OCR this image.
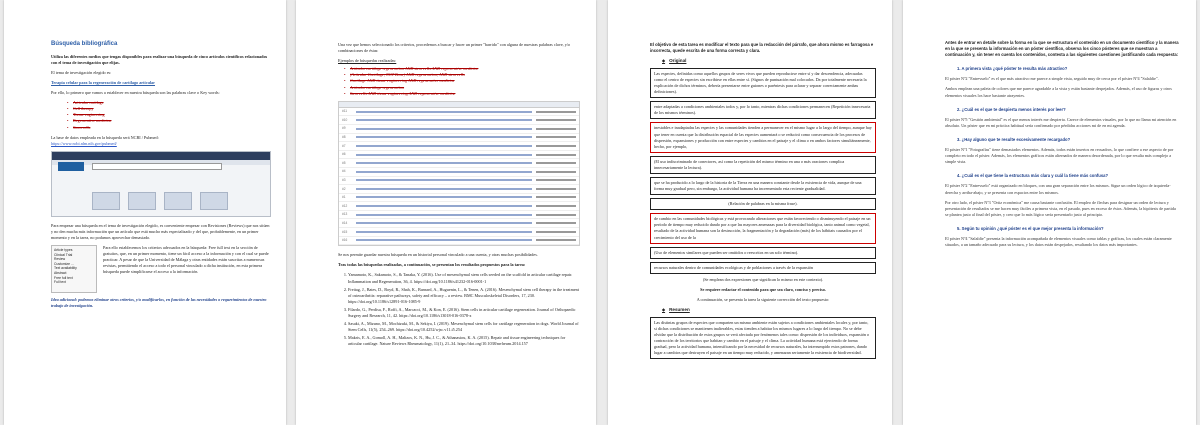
Búsqueda bibliográfica
Utiliza las diferentes medios que tengas disponibles para realizar una búsqueda de cinco artículos científicos relacionados con el tema de investigación que elijas.
El tema de investigación elegido es:
Terapia celular para la regeneración de cartílago articular
Por ello, lo primero que vamos a establecer en nuestra búsqueda son las palabras clave o Key words:
• Articular cartilage
• Cell therapy
• Tissue engineering
• Regenerative medicine
• Stem cells
La base de datos empleada en la búsqueda será NCBI / Pubmed:
https://www.ncbi.nlm.nih.gov/pubmed/
Para empezar una búsqueda en el tema de investigación elegido, es conveniente empezar con Revisiones (Reviews) que nos sitúen y no den mucha más información que un artículo que está mucho más especializado y del que, probablemente, en un primer momento y en la tarea, no podamos aprovechar demasiado.
Article types
Clinical Trial
Review
Customize ...
Text availability
Abstract
Free full text
Full text
Para ello establecemos los criterios adecuados en la búsqueda: Free full text en la sección de gratuitos, que, en un primer momento, tiene un fácil acceso a la información y con el cual se puede practicar. A pesar de que la Universidad de Málaga y otras entidades están suscritas a numerosas revistas, permitiendo el acceso a todo el personal vinculado a dicha institución, en esta primera búsqueda puede simplificarse el acceso a la información.
Idea adicional: podemos eliminar otros criterios, y/o modificarlos, en función de las necesidades o requerimientos de nuestro trabajo de investigación.
Una vez que hemos seleccionado los criterios, procedemos a buscar y hacer un primer "barrido" con alguna de nuestras palabras clave, y/o combinaciones de éstas:
Ejemplos de búsquedas realizadas:
• Articular cartilage regeneration AND stem cells AND regenerative medicine
• (Articular Cartilage, NOT Bone) AND regeneration, AND stem cells
• Cartilage AND tissue engineering AND regenerative medicine
• Articular cartilage regeneration
• Stem cells AND tissue engineering AND regenerative medicine
#11
#10
#9
#8
#7
#6
#5
#4
#3
#2
#1
#12
#13
#14
#15
#16
Se nos permite guardar nuestra búsqueda en un historial personal vinculado a una cuenta, y otras muchas posibilidades.
Tras todas las búsquedas realizadas, a continuación, se presentan los resultados propuestos para la tarea:
1. Yamamoto, K., Sakamoto, S., & Tanaka, Y. (2016). Use of mesenchymal stem cells seeded on the scaffold in articular cartilage repair. Inflammation and Regeneration, 36, 4. https://doi.org/10.1186/s41232-016-0001-1
2. Freitag, J., Bates, D., Boyd, R., Shah, K., Barnard, A., Huguenin, L., & Tenen, A. (2016). Mesenchymal stem cell therapy in the treatment of osteoarthritis: reparative pathways, safety and efficacy – a review. BMC Musculoskeletal Disorders, 17, 230. https://doi.org/10.1186/s12891-016-1085-9
3. Filardo, G., Perdisa, F., Roffi, A., Marcacci, M., & Kon, E. (2016). Stem cells in articular cartilage regeneration. Journal of Orthopaedic Surgery and Research, 11, 42. https://doi.org/10.1186/s13018-016-0378-x
4. Sasaki, A., Mizuno, M., Mochizuki, M., & Sekiya, I. (2019). Mesenchymal stem cells for cartilage regeneration in dogs. World Journal of Stem Cells, 11(5), 254–269. https://doi.org/10.4252/wjsc.v11.i5.254
5. Makris, E. A., Gomoll, A. H., Malizos, K. N., Hu, J. C., & Athanasiou, K. A. (2015). Repair and tissue engineering techniques for articular cartilage. Nature Reviews Rheumatology, 11(1), 21–34. https://doi.org/10.1038/nrrheum.2014.157
El objetivo de esta tarea es modificar el texto para que la redacción del párrafo, que ahora mismo es farragosa e incorrecta, quede escrita de una forma correcta y clara.
◆ Original
Las especies, definidas como aquellos grupos de seres vivos que pueden reproducirse entre sí y dar descendencia, adecuadas como el centro de especies sin escribirse en ellas entre sí. (Signos de puntuación mal colocados. Da por totalmente necesaria la explicación de dichos términos, debería presentarse entre guiones o paréntesis para aclarar y separar correctamente ambas definiciones).
entre adaptadas a condiciones ambientales todos y, por lo tanto, mientras dichas condiciones permanecen (Repetición innecesaria de los mismos términos).
inestables e inadaptadas las especies y las comunidades tienden a permanecer en el mismo lugar a lo largo del tiempo, aunque hay que tener en cuenta que la distribución espacial de las especies aumentará o se reducirá como consecuencia de los procesos de dispersión, expansiones y producción con entre especies y cambios en el paisaje y el clima o en ambos factores simultáneamente, hecho, por ejemplo,
(El uso indiscriminado de conectores, así como la repetición del mismo término en una o más oraciones complica innecesariamente la lectura).
que se ha producido a lo largo de la historia de la Tierra en una manera constante desde la existencia de vida, aunque de una forma muy gradual pero, sin embargo, la actividad humana ha incrementado esta reciente gradualidad.
(Relación de palabras en la misma frase).
de cambio en las comunidades biológicas y está provocando alteraciones que están favoreciendo o disminuyendo el paisaje en un período de tiempo muy reducido dando por a que las mayores amenazas para la diversidad biológica, tanto animal como vegetal, resultado de la actividad humana son la destrucción, la fragmentación y la degradación (más) de los hábitats causados por el crecimiento del uso de la
(Uso de elementos similares que pueden ser omitidos o reescritos en un solo término).
recursos naturales dentro de comunidades ecológicas y de poblaciones a través de la expansión
(Se emplean dos expresiones que significan lo mismo en este contexto).
Se requiere redactar el contenido para que sea claro, conciso y preciso.
A continuación, se presenta la tarea la siguiente corrección del texto propuesto:
◆ Resumen
Las distintas grupos de especies que comparten un mismo ambiente están sujetos a condiciones ambientales locales y, por tanto, si dichas condiciones se mantienen inalterables, estas tienden a habitar los mismos lugares a lo largo del tiempo. No se debe olvidar que la distribución de estos grupos se verá afectada por fenómenos tales como: dispersión de los individuos, expansión o contracción de los territorios que habitan y cambio en el paisaje y el clima. La actividad humana está ejerciendo de forma gradual, pero la actividad humana, intensificando por la necesidad de recursos naturales, ha interrumpido estos patrones, dando lugar a cambios que destruyen el paisaje en un tiempo muy reducido, y amenazan seriamente la existencia de biodiversidad.
Antes de entrar en detalle sobre la forma en la que se estructura el contenido en un documento científico y la manera en la que se presenta la información en un póster científico, observa los cinco pósteres que se muestran a continuación y, sin tener en cuenta los contenidos, contesta a las siguientes cuestiones justificando cada respuesta:
1. A primera vista ¿qué póster te resulta más atractivo?
El póster Nº2 "Entrevuelo" es el que más atractivo me parece a simple vista, seguido muy de cerca por el póster Nº4 "Salaldie".
Ambos emplean una paleta de colores que me parece agradable a la vista y están bastante despejados. Además, el uso de figuras y otros elementos visuales los hace bastante atrayentes.
2. ¿Cuál es el que te despierta menos interés por leer?
El póster Nº5 "Gestión ambiental" es el que menos interés me despierta. Carece de elementos visuales, por lo que no llama mi atención en absoluto. Un póster que en mi práctica habitual sería confirmado por pérdidas acciones mi de en mi agenda.
3. ¿Hay alguno que te resulte excesivamente recargado?
El póster Nº1 "Fotografías" tiene demasiados elementos. Además, todos están insertos en recuadros, lo que confiere a ese aspecto de por completo en todo el póster. Además, los elementos gráficos están alternados de manera desordenada, por lo que resulta más complejo a simple vista.
4. ¿Cuál es el que tiene la estructura más clara y cuál la tiene más confusa?
El póster Nº2 "Entrevuelo" está organizado en bloques, con una gran separación entre los mismos. Sigue un orden lógico de izquierda-derecha y arriba-abajo, y se presenta con espacios entre los mismos.
Por otro lado, el póster Nº3 "Ortiz económica" me causa bastante confusión. El empleo de flechas para designar un orden de lectura y presentación de resultados se me hacen muy fáciles a primera vista, en el pasado, pues en exceso de éstos. Además, la hipótesis de partida se plantea justo al final del póster, y creo que lo más lógico sería presentarlo justo al principio.
5. Según tu opinión ¿qué póster es el que mejor presenta la información?
El póster Nº4 "Salaldie" presenta la información acompañada de elementos visuales como tablas y gráficas, los cuales están claramente situados, a un tamaño adecuado para su lectura, y los datos están despejados, resultando los datos más importantes.
